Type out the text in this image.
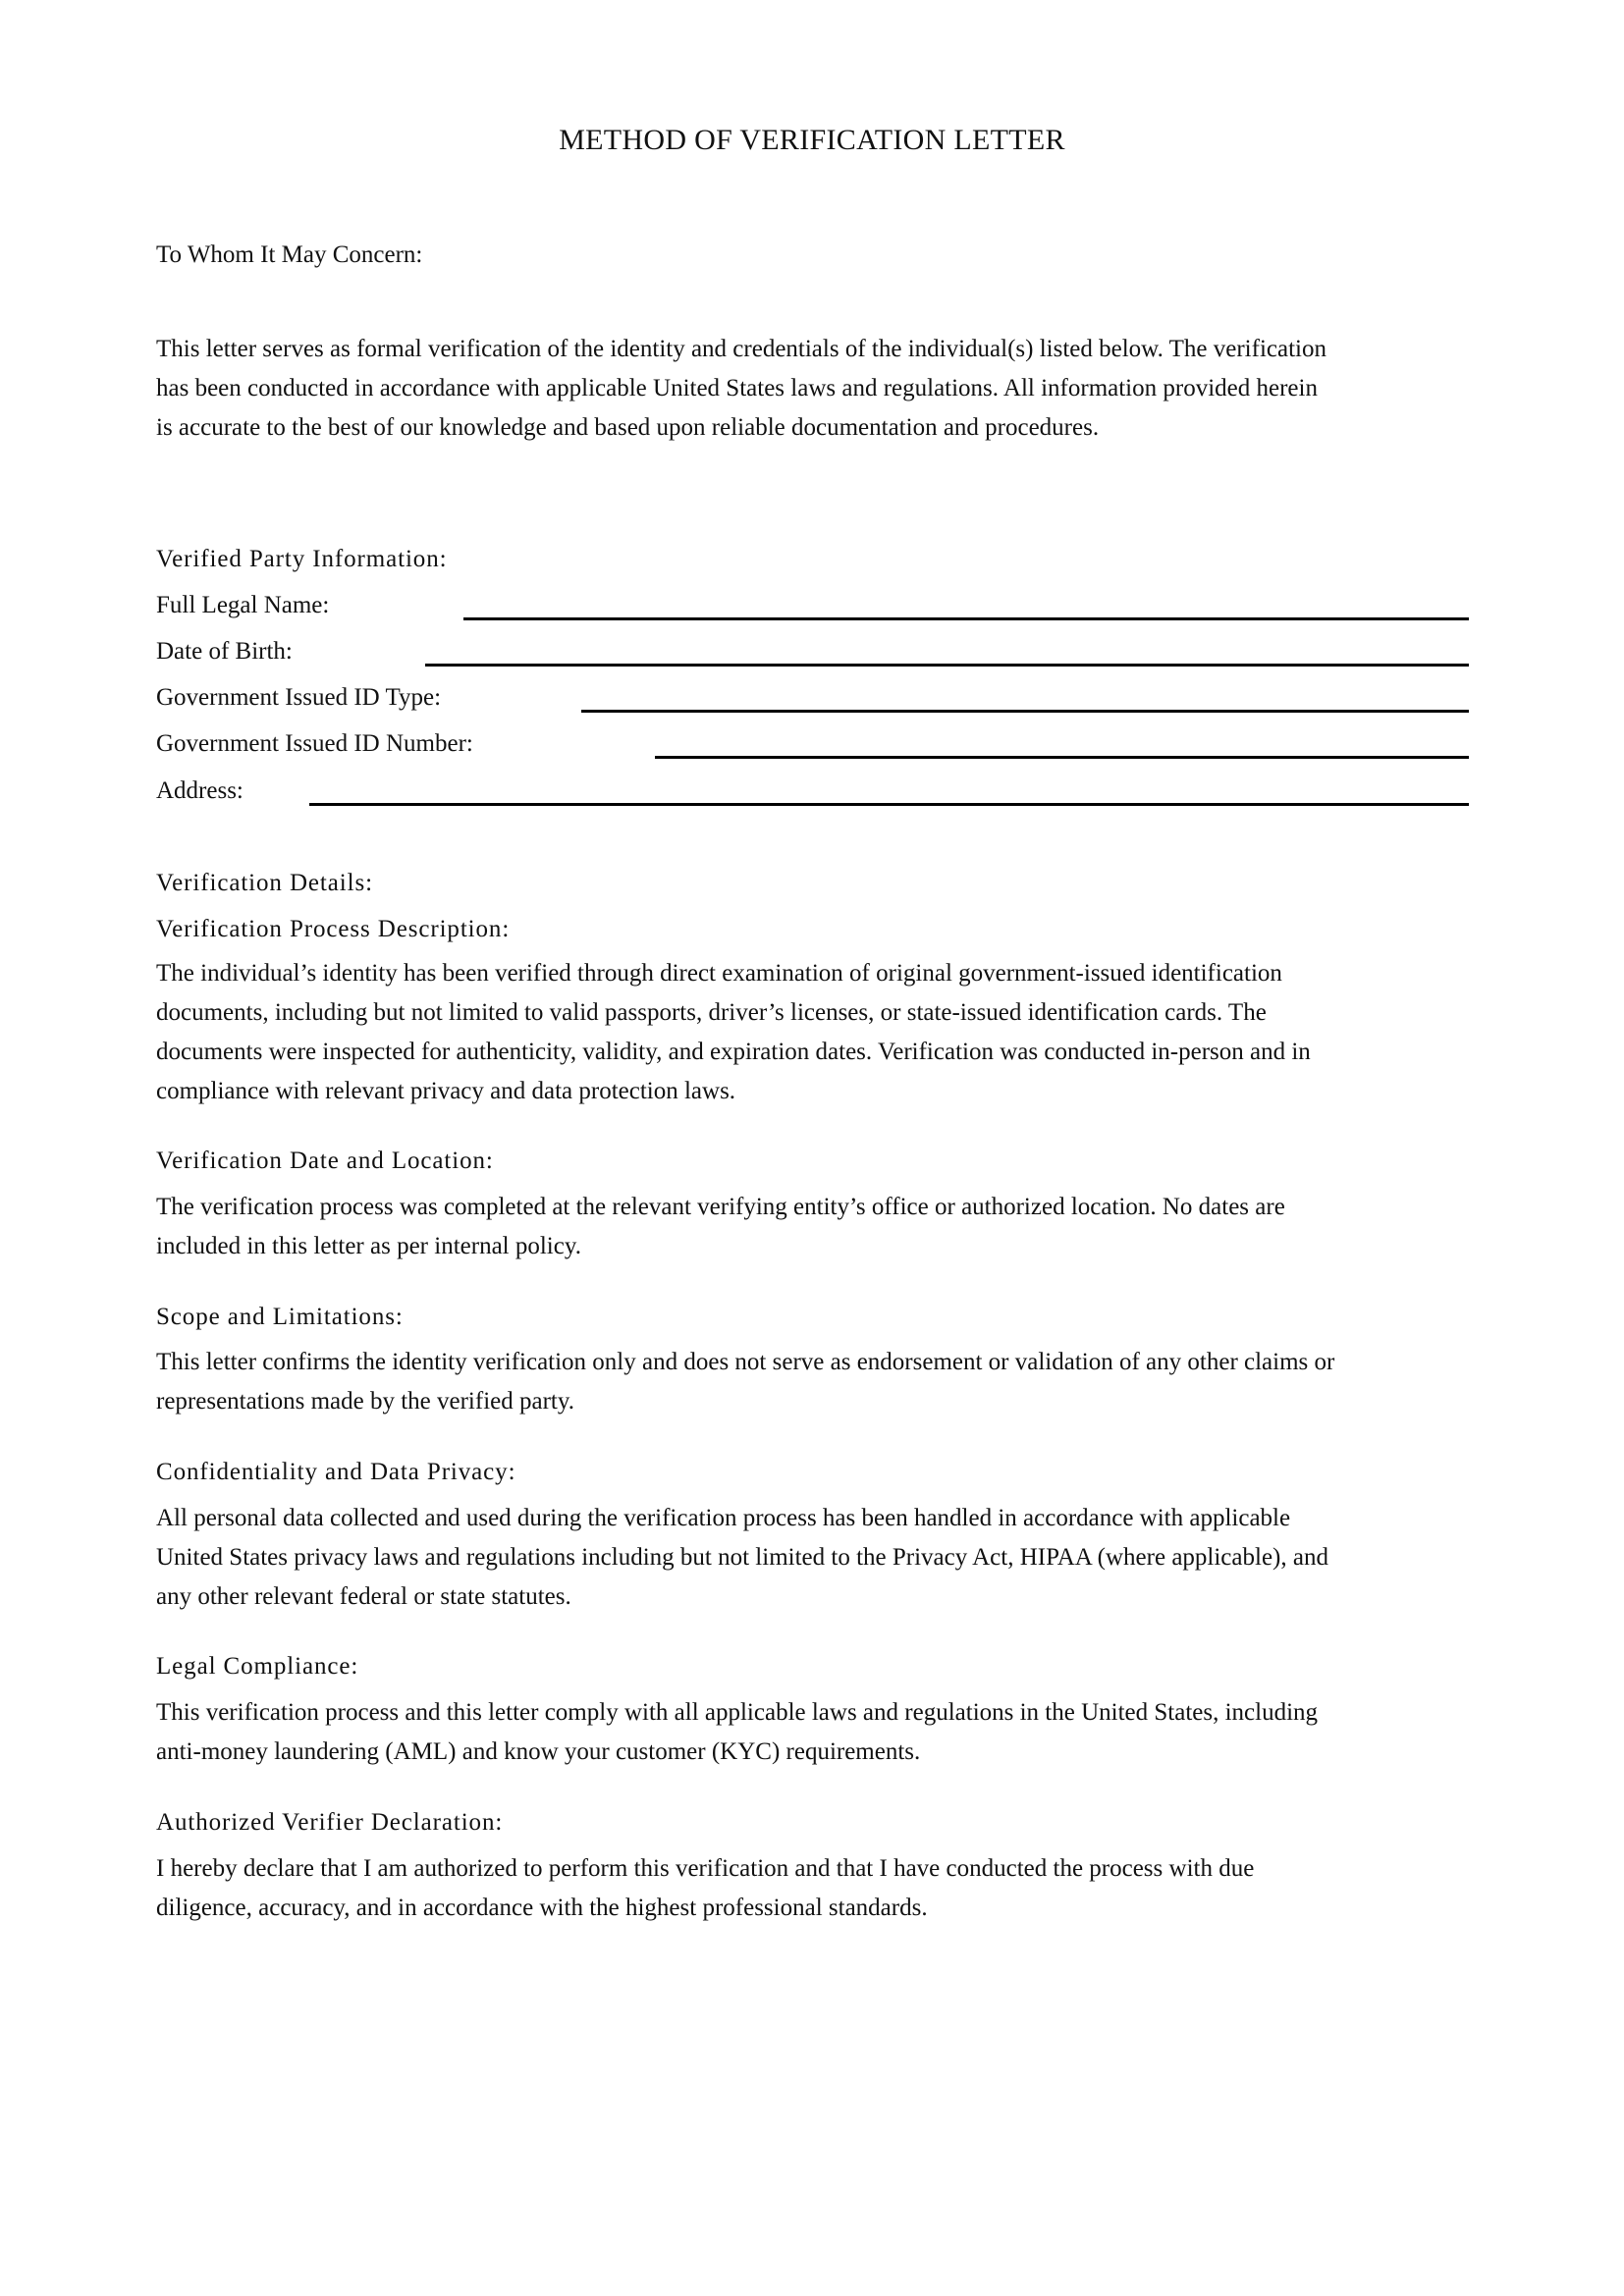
METHOD OF VERIFICATION LETTER
To Whom It May Concern:
This letter serves as formal verification of the identity and credentials of the individual(s) listed below. The verification
has been conducted in accordance with applicable United States laws and regulations. All information provided herein
is accurate to the best of our knowledge and based upon reliable documentation and procedures.
Verified Party Information:
Full Legal Name:
Date of Birth:
Government Issued ID Type:
Government Issued ID Number:
Address:
Verification Details:
Verification Process Description:
The individual’s identity has been verified through direct examination of original government-issued identification
documents, including but not limited to valid passports, driver’s licenses, or state-issued identification cards. The
documents were inspected for authenticity, validity, and expiration dates. Verification was conducted in-person and in
compliance with relevant privacy and data protection laws.
Verification Date and Location:
The verification process was completed at the relevant verifying entity’s office or authorized location. No dates are
included in this letter as per internal policy.
Scope and Limitations:
This letter confirms the identity verification only and does not serve as endorsement or validation of any other claims or
representations made by the verified party.
Confidentiality and Data Privacy:
All personal data collected and used during the verification process has been handled in accordance with applicable
United States privacy laws and regulations including but not limited to the Privacy Act, HIPAA (where applicable), and
any other relevant federal or state statutes.
Legal Compliance:
This verification process and this letter comply with all applicable laws and regulations in the United States, including
anti-money laundering (AML) and know your customer (KYC) requirements.
Authorized Verifier Declaration:
I hereby declare that I am authorized to perform this verification and that I have conducted the process with due
diligence, accuracy, and in accordance with the highest professional standards.
